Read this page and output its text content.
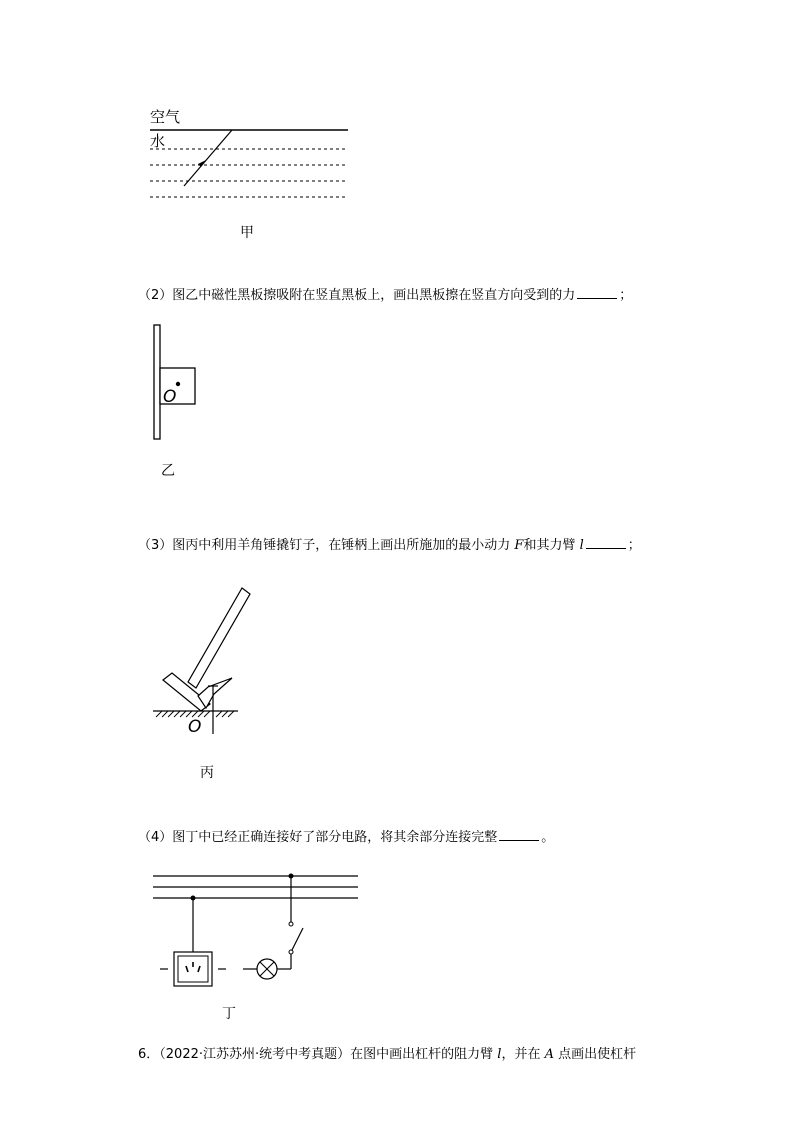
空气
水
甲
（2）图乙中磁性黑板擦吸附在竖直黑板上，画出黑板擦在竖直方向受到的力	；
O
乙
（3）图丙中利用羊角锤撬钉子，在锤柄上画出所施加的最小动力 F和其力臂 l	；
O
丙
（4）图丁中已经正确连接好了部分电路，将其余部分连接完整	。
丁
6．（2022·江苏苏州·统考中考真题）在图中画出杠杆的阻力臂 l，并在 A 点画出使杠杆
